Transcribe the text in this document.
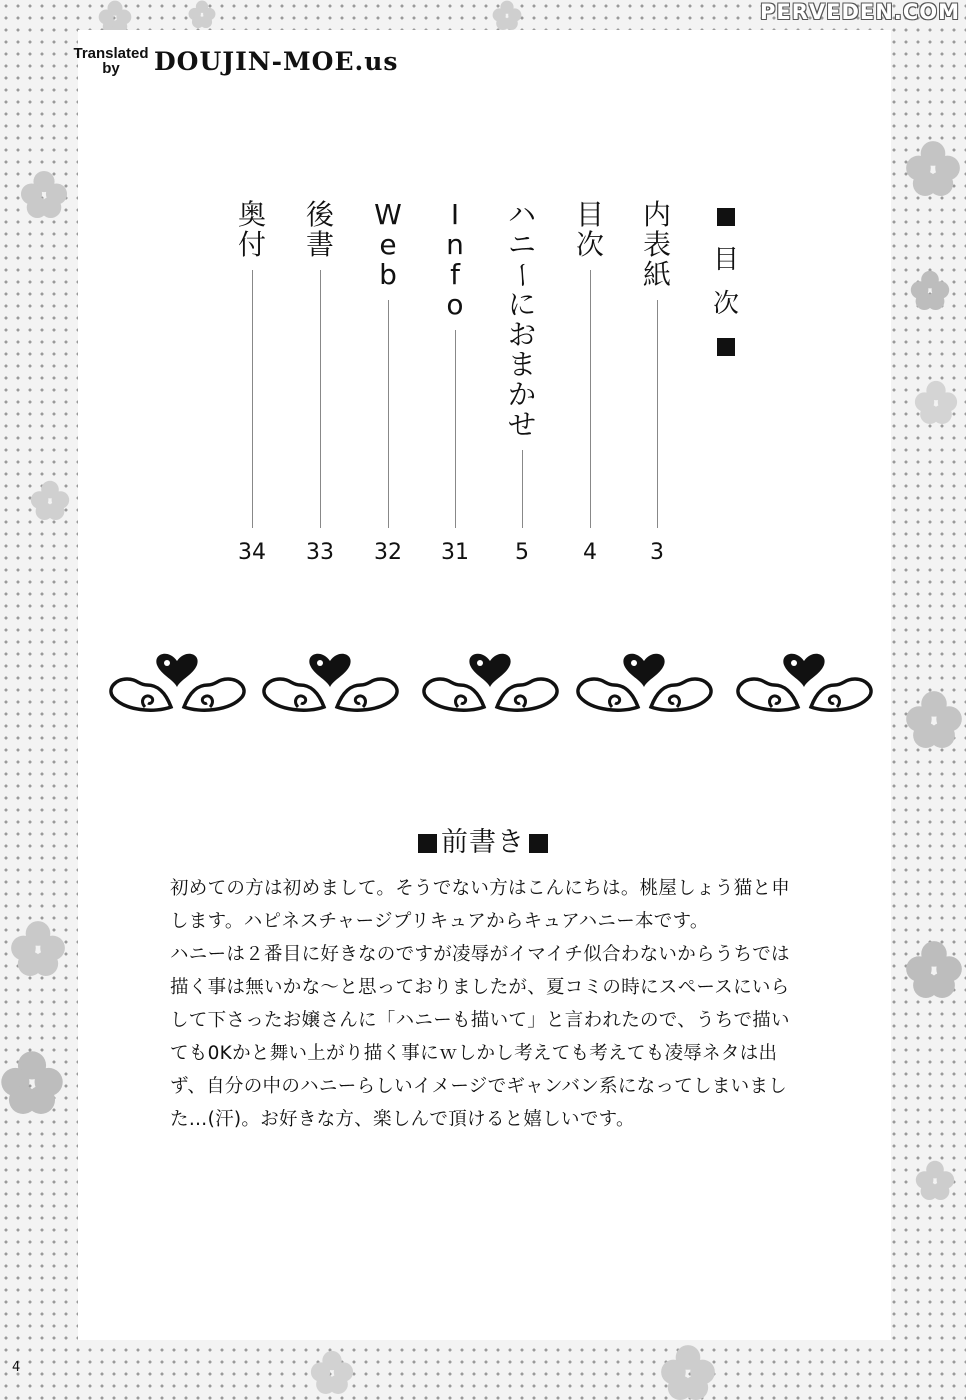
PERVEDEN.COM
Translated
by	DOUJIN-MOE.us
目
次
内
表
紙
3
目
次
4
ハ
ニ
ー
に
お
ま
か
せ
5
I
n
f
o
31
W
e
b
32
後
書
33
奥
付
34
前書き

初めての方は初めまして。そうでない方はこんにちは。桃屋しょう猫と申

します。ハピネスチャージプリキュアからキュアハニー本です。

ハニーは２番目に好きなのですが凌辱がイマイチ似合わないからうちでは

描く事は無いかな～と思っておりましたが、夏コミの時にスペースにいら

して下さったお嬢さんに「ハニーも描いて」と言われたので、うちで描い

ても0Kかと舞い上がり描く事にｗしかし考えても考えても凌辱ネタは出

ず、自分の中のハニーらしいイメージでギャンバン系になってしまいまし

た…(汗)。お好きな方、楽しんで頂けると嬉しいです。

4
